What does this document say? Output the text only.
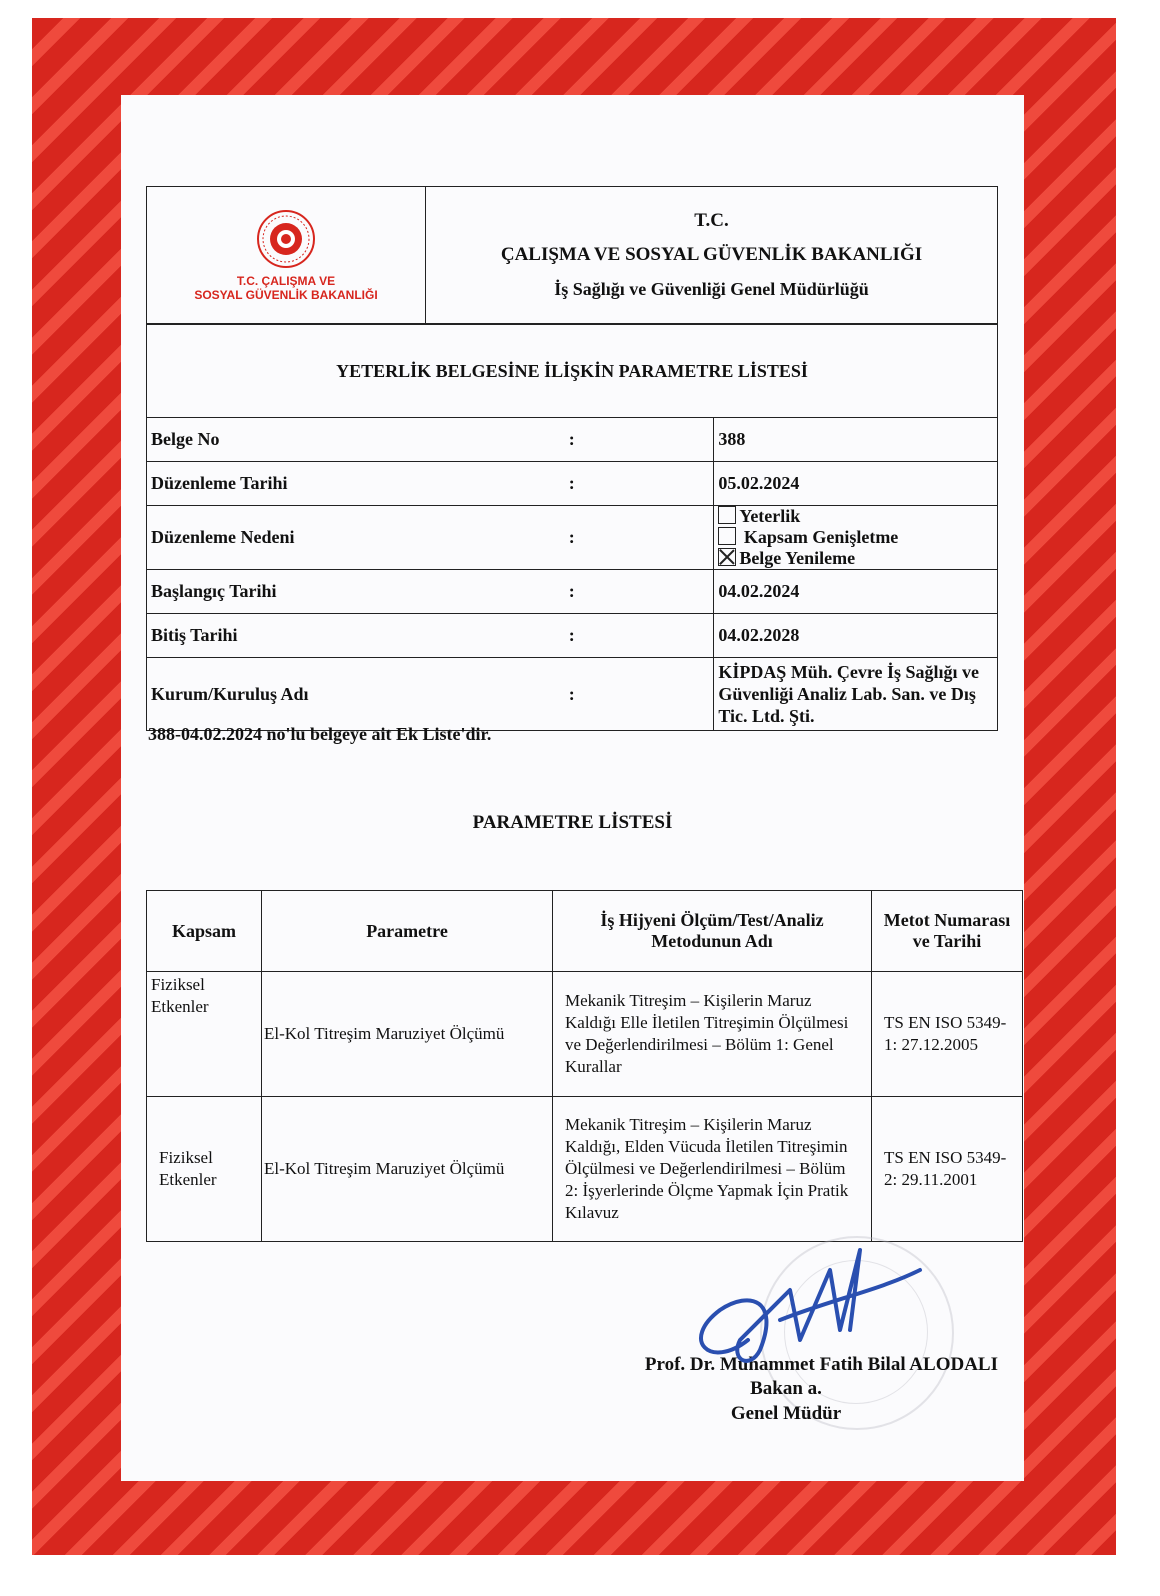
T.C. ÇALIŞMA VE
SOSYAL GÜVENLİK BAKANLIĞI

T.C.
ÇALIŞMA VE SOSYAL GÜVENLİK BAKANLIĞI
İş Sağlığı ve Güvenliği Genel Müdürlüğü
YETERLİK BELGESİNE İLİŞKİN PARAMETRE LİSTESİ		
Belge No	:	388
Düzenleme Tarihi	:	05.02.2024
Düzenleme Nedeni	:	Yeterlik  Kapsam Genişletme Belge Yenileme
Başlangıç Tarihi	:	04.02.2024
Bitiş Tarihi	:	04.02.2028
Kurum/Kuruluş Adı	:	KİPDAŞ Müh. Çevre İş Sağlığı ve Güvenliği Analiz Lab. San. ve Dış Tic. Ltd. Şti.
388-04.02.2024 no'lu belgeye ait Ek Liste'dir.
PARAMETRE LİSTESİ
Kapsam	Parametre	İş Hijyeni Ölçüm/Test/Analiz Metodunun Adı	Metot Numarası ve Tarihi
Fiziksel Etkenler	El-Kol Titreşim Maruziyet Ölçümü	Mekanik Titreşim – Kişilerin Maruz Kaldığı Elle İletilen Titreşimin Ölçülmesi ve Değerlendirilmesi – Bölüm 1: Genel Kurallar	TS EN ISO 5349-1: 27.12.2005
Fiziksel Etkenler	El-Kol Titreşim Maruziyet Ölçümü	Mekanik Titreşim – Kişilerin Maruz Kaldığı, Elden Vücuda İletilen Titreşimin Ölçülmesi ve Değerlendirilmesi – Bölüm 2: İşyerlerinde Ölçme Yapmak İçin Pratik Kılavuz	TS EN ISO 5349-2: 29.11.2001
Prof. Dr. Muhammet Fatih Bilal ALODALI
Bakan a.
Genel Müdür
